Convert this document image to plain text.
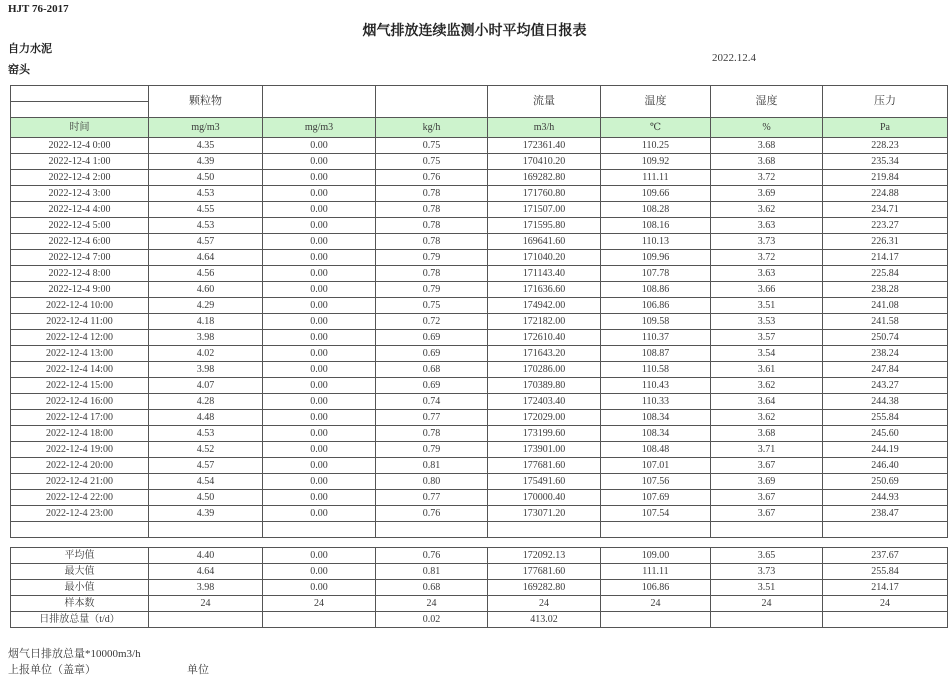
HJT 76-2017
烟气排放连续监测小时平均值日报表
自力水泥
窑头
2022.12.4
	颗粒物			流量	温度	湿度	压力

时间	mg/m3	mg/m3	kg/h	m3/h	℃	%	Pa
2022-12-4 0:00	4.35	0.00	0.75	172361.40	110.25	3.68	228.23
2022-12-4 1:00	4.39	0.00	0.75	170410.20	109.92	3.68	235.34
2022-12-4 2:00	4.50	0.00	0.76	169282.80	111.11	3.72	219.84
2022-12-4 3:00	4.53	0.00	0.78	171760.80	109.66	3.69	224.88
2022-12-4 4:00	4.55	0.00	0.78	171507.00	108.28	3.62	234.71
2022-12-4 5:00	4.53	0.00	0.78	171595.80	108.16	3.63	223.27
2022-12-4 6:00	4.57	0.00	0.78	169641.60	110.13	3.73	226.31
2022-12-4 7:00	4.64	0.00	0.79	171040.20	109.96	3.72	214.17
2022-12-4 8:00	4.56	0.00	0.78	171143.40	107.78	3.63	225.84
2022-12-4 9:00	4.60	0.00	0.79	171636.60	108.86	3.66	238.28
2022-12-4 10:00	4.29	0.00	0.75	174942.00	106.86	3.51	241.08
2022-12-4 11:00	4.18	0.00	0.72	172182.00	109.58	3.53	241.58
2022-12-4 12:00	3.98	0.00	0.69	172610.40	110.37	3.57	250.74
2022-12-4 13:00	4.02	0.00	0.69	171643.20	108.87	3.54	238.24
2022-12-4 14:00	3.98	0.00	0.68	170286.00	110.58	3.61	247.84
2022-12-4 15:00	4.07	0.00	0.69	170389.80	110.43	3.62	243.27
2022-12-4 16:00	4.28	0.00	0.74	172403.40	110.33	3.64	244.38
2022-12-4 17:00	4.48	0.00	0.77	172029.00	108.34	3.62	255.84
2022-12-4 18:00	4.53	0.00	0.78	173199.60	108.34	3.68	245.60
2022-12-4 19:00	4.52	0.00	0.79	173901.00	108.48	3.71	244.19
2022-12-4 20:00	4.57	0.00	0.81	177681.60	107.01	3.67	246.40
2022-12-4 21:00	4.54	0.00	0.80	175491.60	107.56	3.69	250.69
2022-12-4 22:00	4.50	0.00	0.77	170000.40	107.69	3.67	244.93
2022-12-4 23:00	4.39	0.00	0.76	173071.20	107.54	3.67	238.47

平均值	4.40	0.00	0.76	172092.13	109.00	3.65	237.67
最大值	4.64	0.00	0.81	177681.60	111.11	3.73	255.84
最小值	3.98	0.00	0.68	169282.80	106.86	3.51	214.17
样本数	24	24	24	24	24	24	24
日排放总量（t/d）			0.02	413.02			
烟气日排放总量*10000m3/h
上报单位（盖章）	单位
